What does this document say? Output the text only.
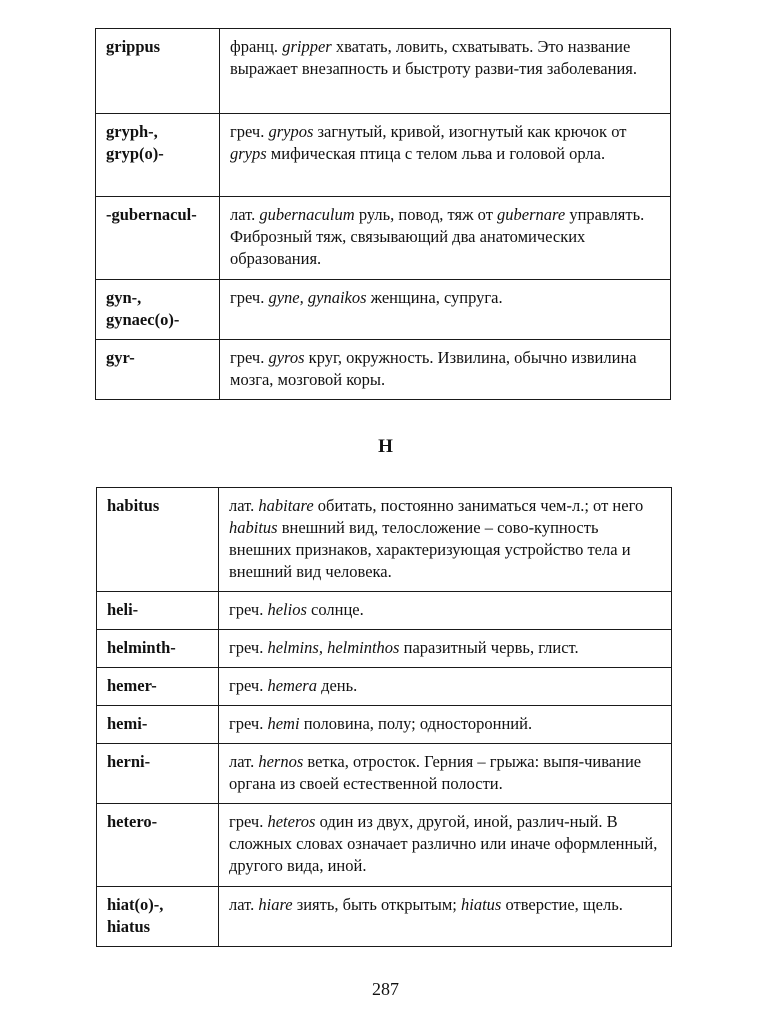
grippus	франц. gripper хватать, ловить, схватывать. Это название выражает внезапность и быстроту разви-тия заболевания.
gryph-, gryp(o)-	греч. grypos загнутый, кривой, изогнутый как крючок от gryps мифическая птица с телом льва и головой орла.
-gubernacul-	лат. gubernaculum руль, повод, тяж от gubernare управлять. Фиброзный тяж, связывающий два анатомических образования.
gyn-, gynaec(o)-	греч. gyne, gynaikos женщина, супруга.
gyr-	греч. gyros круг, окружность. Извилина, обычно извилина мозга, мозговой коры.
H
habitus	лат. habitare обитать, постоянно заниматься чем-л.; от него habitus внешний вид, телосложение – сово-купность внешних признаков, характеризующая устройство тела и внешний вид человека.
heli-	греч. helios солнце.
helminth-	греч. helmins, helminthos паразитный червь, глист.
hemer-	греч. hemera день.
hemi-	греч. hemi половина, полу; односторонний.
herni-	лат. hernos ветка, отросток. Герния – грыжа: выпя-чивание органа из своей естественной полости.
hetero-	греч. heteros один из двух, другой, иной, различ-ный. В сложных словах означает различно или иначе оформленный, другого вида, иной.
hiat(o)-, hiatus	лат. hiare зиять, быть открытым; hiatus отверстие, щель.
287
